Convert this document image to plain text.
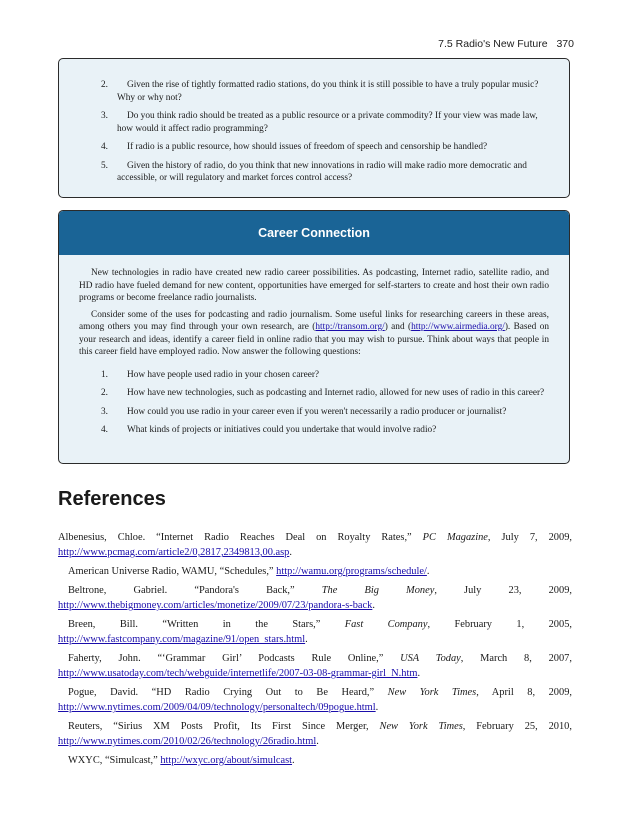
7.5 Radio's New Future 370
2.	Given the rise of tightly formatted radio stations, do you think it is still possible to have a truly popular music? Why or why not?
3.	Do you think radio should be treated as a public resource or a private commodity? If your view was made law, how would it affect radio programming?
4.	If radio is a public resource, how should issues of freedom of speech and censorship be handled?
5.	Given the history of radio, do you think that new innovations in radio will make radio more democratic and accessible, or will regulatory and market forces control access?
Career Connection

New technologies in radio have created new radio career possibilities. As podcasting, Internet radio, satellite radio, and HD radio have fueled demand for new content, opportunities have emerged for self-starters to create and host their own radio programs or become freelance radio journalists.

Consider some of the uses for podcasting and radio journalism. Some useful links for researching careers in these areas, among others you may find through your own research, are (http://transom.org/) and (http://www.airmedia.org/). Based on your research and ideas, identify a career field in online radio that you may wish to pursue. Think about ways that people in this career field have employed radio. Now answer the following questions:

1.	How have people used radio in your chosen career?
2.	How have new technologies, such as podcasting and Internet radio, allowed for new uses of radio in this career?
3.	How could you use radio in your career even if you weren't necessarily a radio producer or journalist?
4.	What kinds of projects or initiatives could you undertake that would involve radio?
References

Albenesius, Chloe. “Internet Radio Reaches Deal on Royalty Rates,” PC Magazine, July 7, 2009, http://www.pcmag.com/article2/0,2817,2349813,00.asp.

American Universe Radio, WAMU, “Schedules,” http://wamu.org/programs/schedule/.

Beltrone, Gabriel. “Pandora's Back,” The Big Money, July 23, 2009, http://www.thebigmoney.com/articles/monetize/2009/07/23/pandora-s-back.

Breen, Bill. “Written in the Stars,” Fast Company, February 1, 2005, http://www.fastcompany.com/magazine/91/open_stars.html.

Faherty, John. “‘Grammar Girl’ Podcasts Rule Online,” USA Today, March 8, 2007, http://www.usatoday.com/tech/webguide/internetlife/2007-03-08-grammar-girl_N.htm.

Pogue, David. “HD Radio Crying Out to Be Heard,” New York Times, April 8, 2009, http://www.nytimes.com/2009/04/09/technology/personaltech/09pogue.html.

Reuters, “Sirius XM Posts Profit, Its First Since Merger, New York Times, February 25, 2010, http://www.nytimes.com/2010/02/26/technology/26radio.html.

WXYC, “Simulcast,” http://wxyc.org/about/simulcast.
